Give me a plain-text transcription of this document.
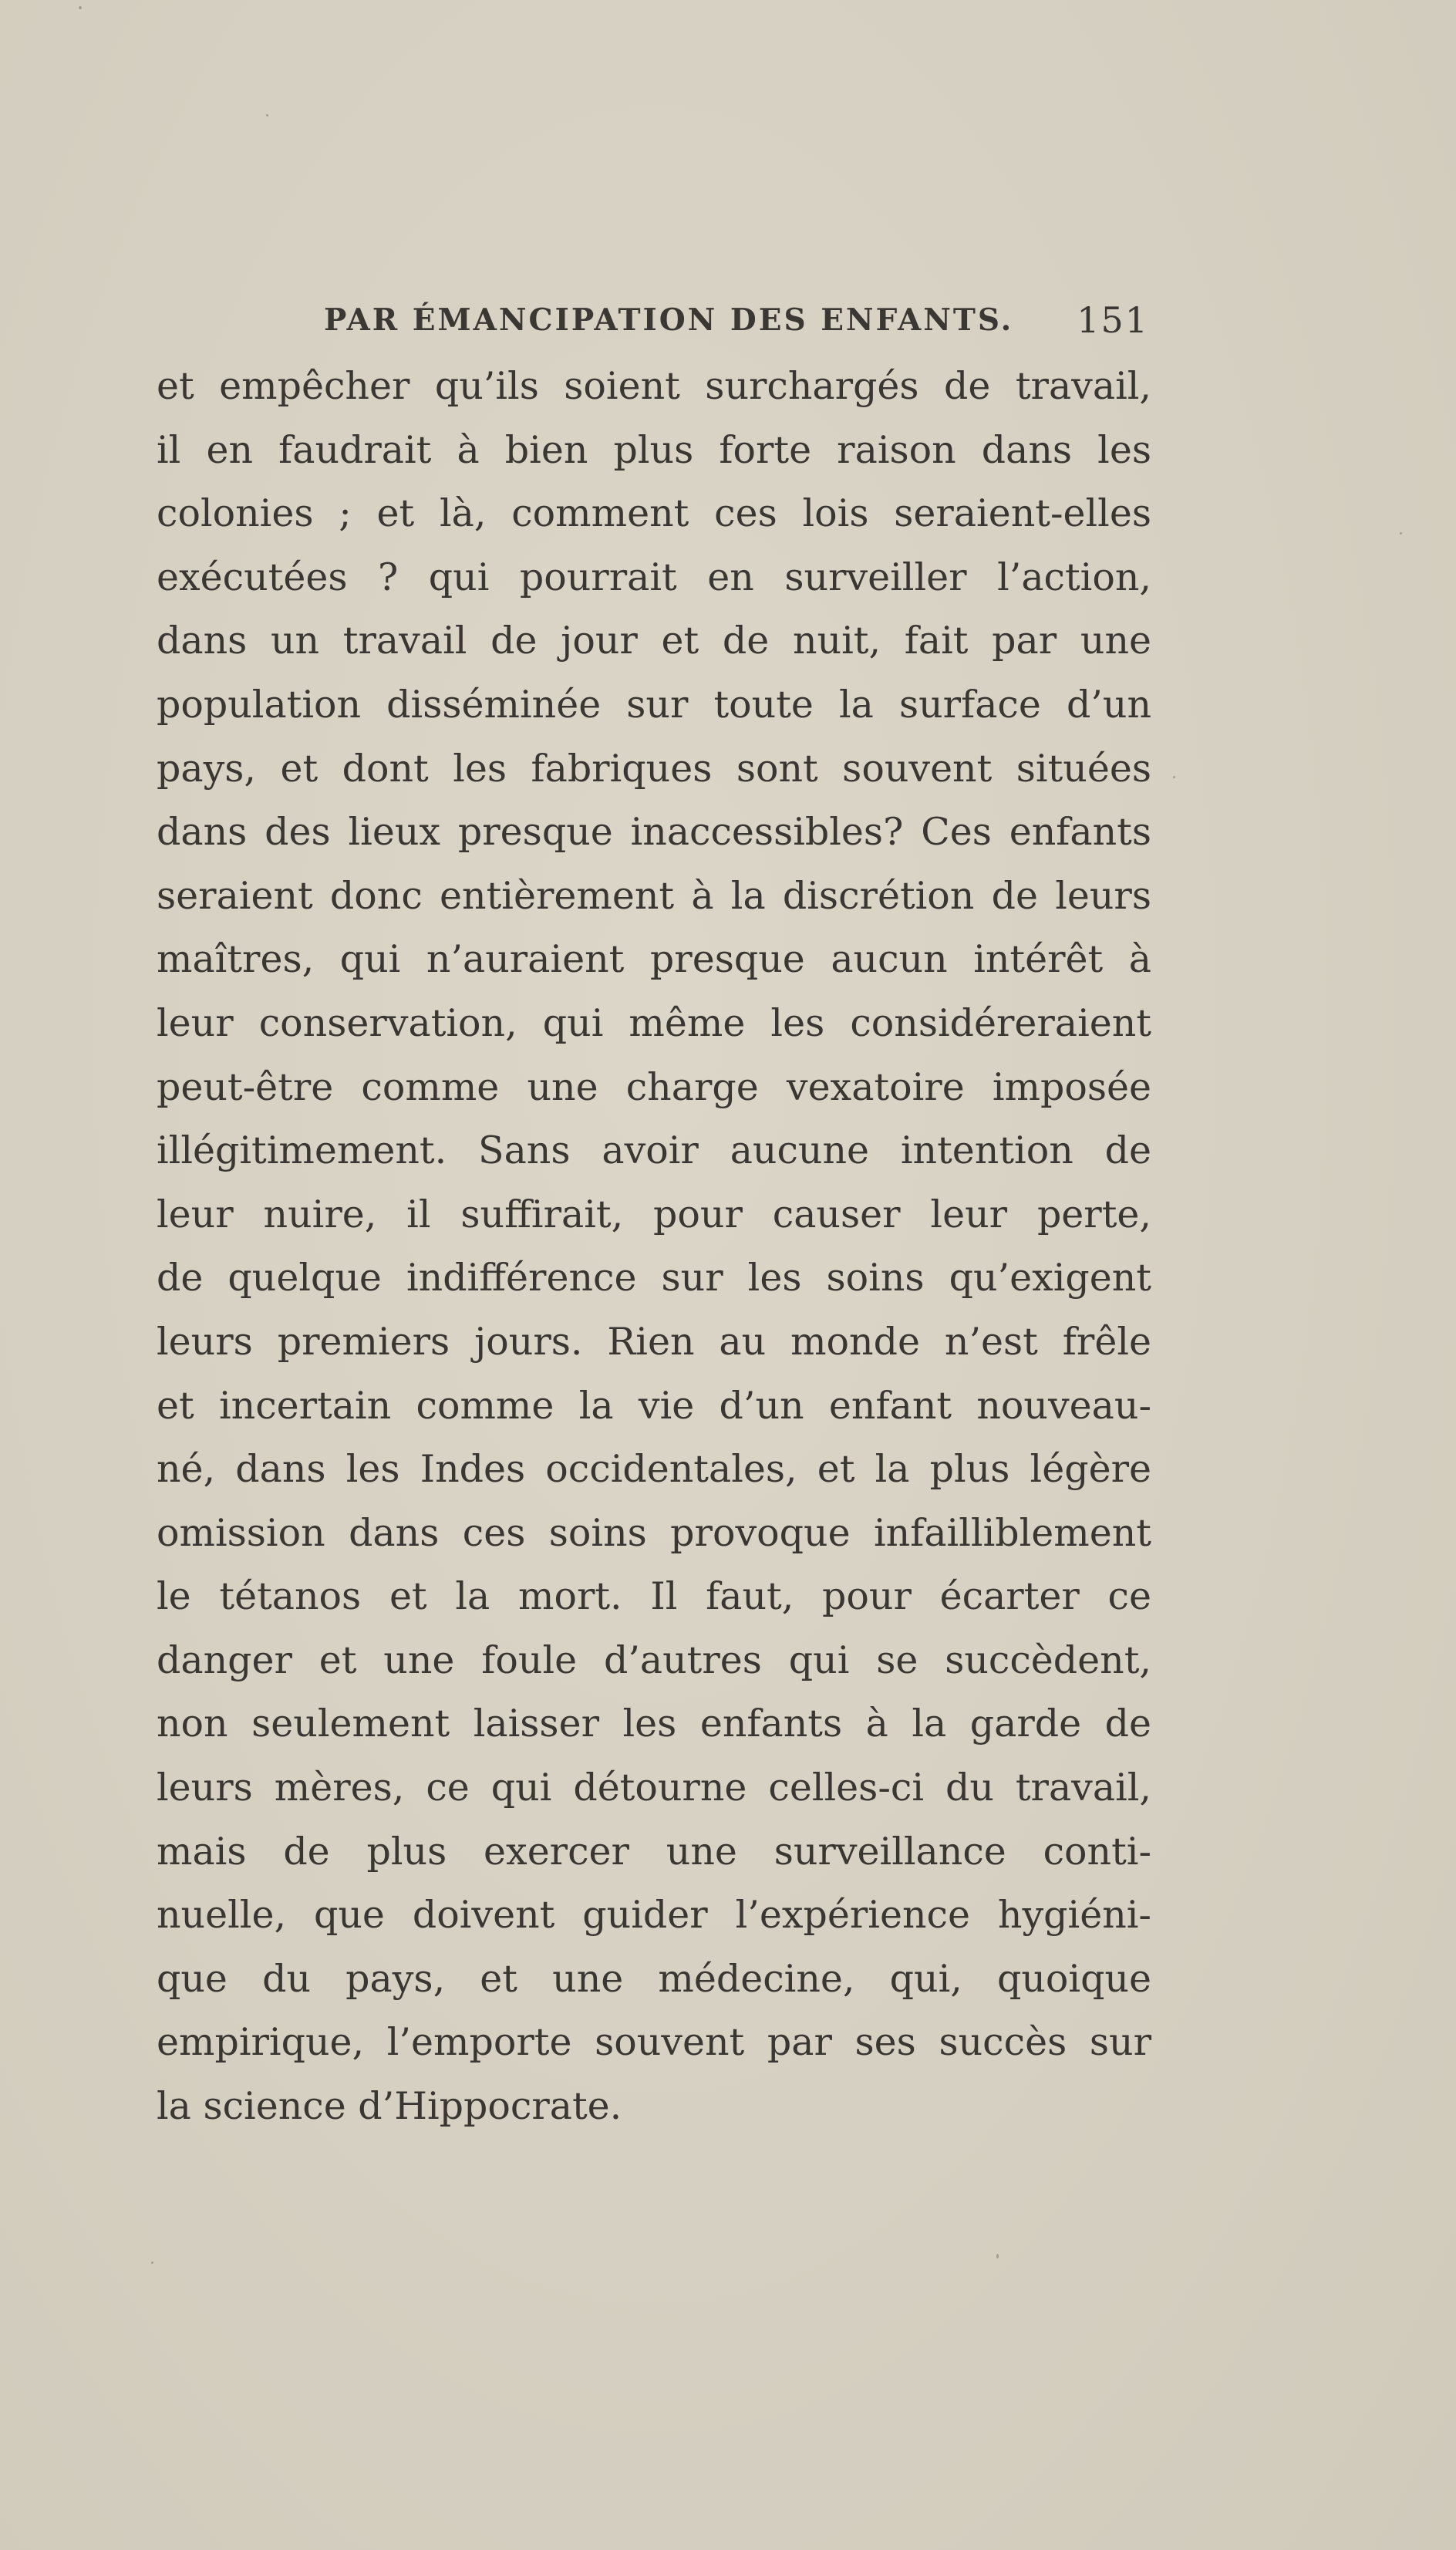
PAR ÉMANCIPATION DES ENFANTS. 151
et empêcher qu’ils soient surchargés de travail,
il en faudrait à bien plus forte raison dans les
colonies ; et là, comment ces lois seraient-elles
exécutées ? qui pourrait en surveiller l’action,
dans un travail de jour et de nuit, fait par une
population disséminée sur toute la surface d’un
pays, et dont les fabriques sont souvent situées
dans des lieux presque inaccessibles? Ces enfants
seraient donc entièrement à la discrétion de leurs
maîtres, qui n’auraient presque aucun intérêt à
leur conservation, qui même les considéreraient
peut-être comme une charge vexatoire imposée
illégitimement. Sans avoir aucune intention de
leur nuire, il suffirait, pour causer leur perte,
de quelque indifférence sur les soins qu’exigent
leurs premiers jours. Rien au monde n’est frêle
et incertain comme la vie d’un enfant nouveau-
né, dans les Indes occidentales, et la plus légère
omission dans ces soins provoque infailliblement
le tétanos et la mort. Il faut, pour écarter ce
danger et une foule d’autres qui se succèdent,
non seulement laisser les enfants à la garde de
leurs mères, ce qui détourne celles-ci du travail,
mais de plus exercer une surveillance conti-
nuelle, que doivent guider l’expérience hygiéni-
que du pays, et une médecine, qui, quoique
empirique, l’emporte souvent par ses succès sur
la science d’Hippocrate.
